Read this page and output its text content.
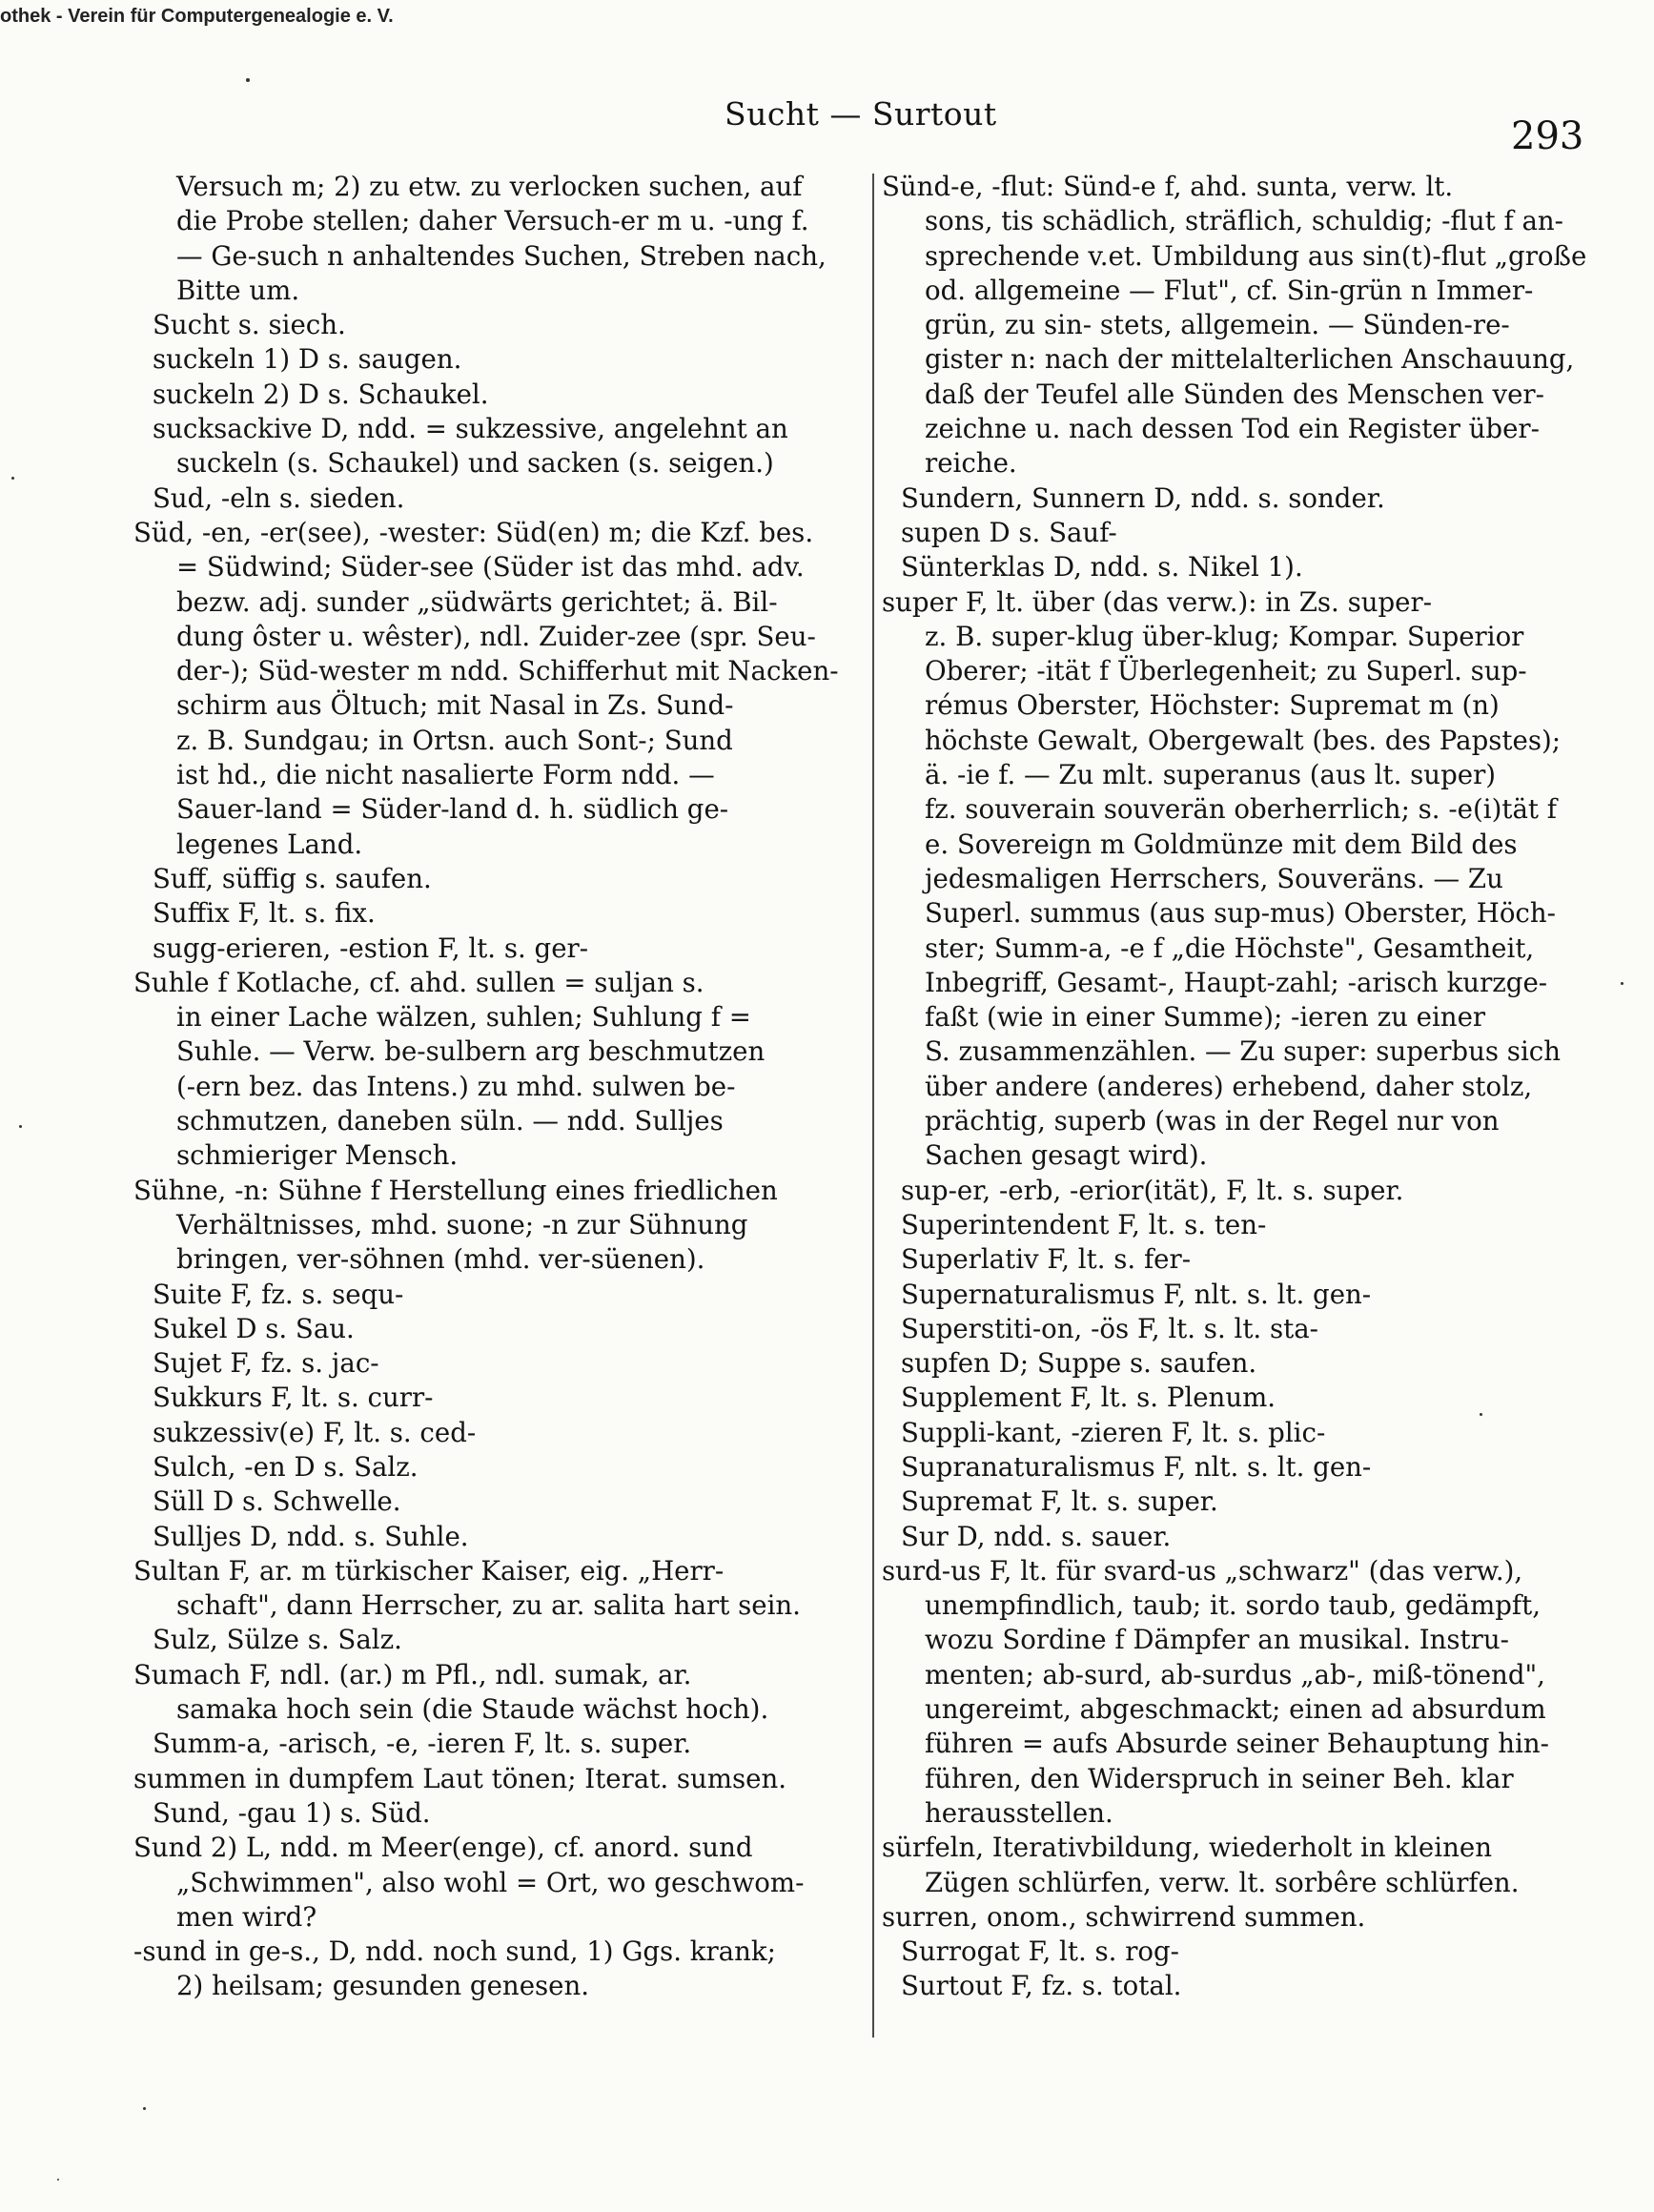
othek - Verein für Computergenealogie e. V.
Sucht — Surtout
293
Versuch m; 2) zu etw. zu verlocken suchen, auf
die Probe stellen; daher Versuch-er m u. -ung f.
— Ge-such n anhaltendes Suchen, Streben nach,
Bitte um.
Sucht s. siech.
suckeln 1) D s. saugen.
suckeln 2) D s. Schaukel.
sucksackive D, ndd. = sukzessive, angelehnt an
suckeln (s. Schaukel) und sacken (s. seigen.)
Sud, -eln s. sieden.
Süd, -en, -er(see), -wester: Süd(en) m; die Kzf. bes.
= Südwind; Süder-see (Süder ist das mhd. adv.
bezw. adj. sunder „südwärts gerichtet; ä. Bil-
dung ôster u. wêster), ndl. Zuider-zee (spr. Seu-
der-); Süd-wester m ndd. Schifferhut mit Nacken-
schirm aus Öltuch; mit Nasal in Zs. Sund-
z. B. Sundgau; in Ortsn. auch Sont-; Sund
ist hd., die nicht nasalierte Form ndd. —
Sauer-land = Süder-land d. h. südlich ge-
legenes Land.
Suff, süffig s. saufen.
Suffix F, lt. s. fix.
sugg-erieren, -estion F, lt. s. ger-
Suhle f Kotlache, cf. ahd. sullen = suljan s.
in einer Lache wälzen, suhlen; Suhlung f =
Suhle. — Verw. be-sulbern arg beschmutzen
(-ern bez. das Intens.) zu mhd. sulwen be-
schmutzen, daneben süln. — ndd. Sulljes
schmieriger Mensch.
Sühne, -n: Sühne f Herstellung eines friedlichen
Verhältnisses, mhd. suone; -n zur Sühnung
bringen, ver-söhnen (mhd. ver-süenen).
Suite F, fz. s. sequ-
Sukel D s. Sau.
Sujet F, fz. s. jac-
Sukkurs F, lt. s. curr-
sukzessiv(e) F, lt. s. ced-
Sulch, -en D s. Salz.
Süll D s. Schwelle.
Sulljes D, ndd. s. Suhle.
Sultan F, ar. m türkischer Kaiser, eig. „Herr-
schaft", dann Herrscher, zu ar. salita hart sein.
Sulz, Sülze s. Salz.
Sumach F, ndl. (ar.) m Pfl., ndl. sumak, ar.
samaka hoch sein (die Staude wächst hoch).
Summ-a, -arisch, -e, -ieren F, lt. s. super.
summen in dumpfem Laut tönen; Iterat. sumsen.
Sund, -gau 1) s. Süd.
Sund 2) L, ndd. m Meer(enge), cf. anord. sund
„Schwimmen", also wohl = Ort, wo geschwom-
men wird?
-sund in ge-s., D, ndd. noch sund, 1) Ggs. krank;
2) heilsam; gesunden genesen.
Sünd-e, -flut: Sünd-e f, ahd. sunta, verw. lt.
sons, tis schädlich, sträflich, schuldig; -flut f an-
sprechende v.et. Umbildung aus sin(t)-flut „große
od. allgemeine — Flut", cf. Sin-grün n Immer-
grün, zu sin- stets, allgemein. — Sünden-re-
gister n: nach der mittelalterlichen Anschauung,
daß der Teufel alle Sünden des Menschen ver-
zeichne u. nach dessen Tod ein Register über-
reiche.
Sundern, Sunnern D, ndd. s. sonder.
supen D s. Sauf-
Sünterklas D, ndd. s. Nikel 1).
super F, lt. über (das verw.): in Zs. super-
z. B. super-klug über-klug; Kompar. Superior
Oberer; -ität f Überlegenheit; zu Superl. sup-
rémus Oberster, Höchster: Supremat m (n)
höchste Gewalt, Obergewalt (bes. des Papstes);
ä. -ie f. — Zu mlt. superanus (aus lt. super)
fz. souverain souverän oberherrlich; s. -e(i)tät f
e. Sovereign m Goldmünze mit dem Bild des
jedesmaligen Herrschers, Souveräns. — Zu
Superl. summus (aus sup-mus) Oberster, Höch-
ster; Summ-a, -e f „die Höchste", Gesamtheit,
Inbegriff, Gesamt-, Haupt-zahl; -arisch kurzge-
faßt (wie in einer Summe); -ieren zu einer
S. zusammenzählen. — Zu super: superbus sich
über andere (anderes) erhebend, daher stolz,
prächtig, superb (was in der Regel nur von
Sachen gesagt wird).
sup-er, -erb, -erior(ität), F, lt. s. super.
Superintendent F, lt. s. ten-
Superlativ F, lt. s. fer-
Supernaturalismus F, nlt. s. lt. gen-
Superstiti-on, -ös F, lt. s. lt. sta-
supfen D; Suppe s. saufen.
Supplement F, lt. s. Plenum.
Suppli-kant, -zieren F, lt. s. plic-
Supranaturalismus F, nlt. s. lt. gen-
Supremat F, lt. s. super.
Sur D, ndd. s. sauer.
surd-us F, lt. für svard-us „schwarz" (das verw.),
unempfindlich, taub; it. sordo taub, gedämpft,
wozu Sordine f Dämpfer an musikal. Instru-
menten; ab-surd, ab-surdus „ab-, miß-tönend",
ungereimt, abgeschmackt; einen ad absurdum
führen = aufs Absurde seiner Behauptung hin-
führen, den Widerspruch in seiner Beh. klar
herausstellen.
sürfeln, Iterativbildung, wiederholt in kleinen
Zügen schlürfen, verw. lt. sorbêre schlürfen.
surren, onom., schwirrend summen.
Surrogat F, lt. s. rog-
Surtout F, fz. s. total.
